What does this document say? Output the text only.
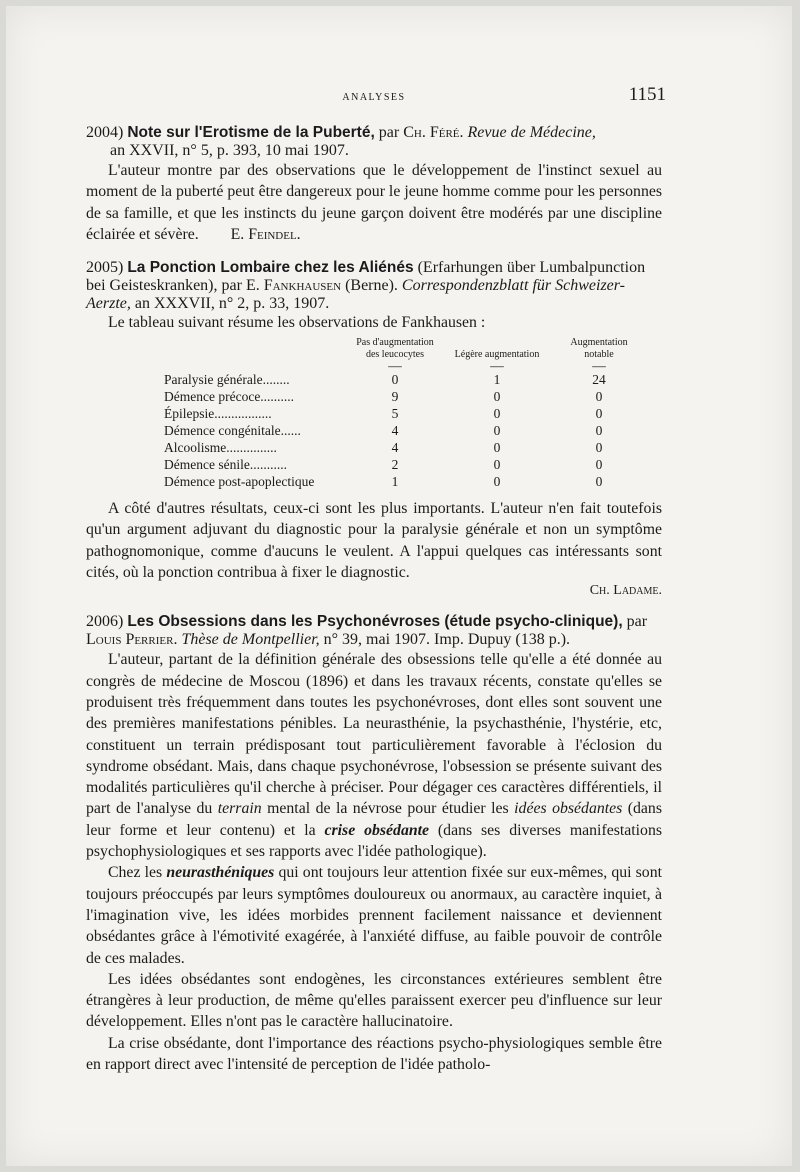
ANALYSES	1151

2004) Note sur l'Erotisme de la Puberté, par Ch. Féré. Revue de Médecine,
an XXVII, n° 5, p. 393, 10 mai 1907.

L'auteur montre par des observations que le développement de l'instinct sexuel au moment de la puberté peut être dangereux pour le jeune homme comme pour les personnes de sa famille, et que les instincts du jeune garçon doivent être modérés par une discipline éclairée et sévère. E. Feindel.

2005) La Ponction Lombaire chez les Aliénés (Erfarhungen über Lumbalpunction bei Geisteskranken), par E. Fankhausen (Berne). Correspondenzblatt für Schweizer-Aerzte, an XXXVII, n° 2, p. 33, 1907.

Le tableau suivant résume les observations de Fankhausen :

	Pas d'augmentation des leucocytes	Légère augmentation	Augmentation notable
	—	—	—
Paralysie générale........	0	1	24
Démence précoce..........	9	0	0
Épilepsie.................	5	0	0
Démence congénitale......	4	0	0
Alcoolisme...............	4	0	0
Démence sénile...........	2	0	0
Démence post-apoplectique	1	0	0

A côté d'autres résultats, ceux-ci sont les plus importants. L'auteur n'en fait toutefois qu'un argument adjuvant du diagnostic pour la paralysie générale et non un symptôme pathognomonique, comme d'aucuns le veulent. A l'appui quelques cas intéressants sont cités, où la ponction contribua à fixer le diagnostic.

Ch. Ladame.

2006) Les Obsessions dans les Psychonévroses (étude psycho-clinique), par Louis Perrier. Thèse de Montpellier, n° 39, mai 1907. Imp. Dupuy (138 p.).

L'auteur, partant de la définition générale des obsessions telle qu'elle a été donnée au congrès de médecine de Moscou (1896) et dans les travaux récents, constate qu'elles se produisent très fréquemment dans toutes les psychonévroses, dont elles sont souvent une des premières manifestations pénibles. La neurasthénie, la psychasthénie, l'hystérie, etc, constituent un terrain prédisposant tout particulièrement favorable à l'éclosion du syndrome obsédant. Mais, dans chaque psychonévrose, l'obsession se présente suivant des modalités particulières qu'il cherche à préciser. Pour dégager ces caractères différentiels, il part de l'analyse du terrain mental de la névrose pour étudier les idées obsédantes (dans leur forme et leur contenu) et la crise obsédante (dans ses diverses manifestations psychophysiologiques et ses rapports avec l'idée pathologique).

Chez les neurasthéniques qui ont toujours leur attention fixée sur eux-mêmes, qui sont toujours préoccupés par leurs symptômes douloureux ou anormaux, au caractère inquiet, à l'imagination vive, les idées morbides prennent facilement naissance et deviennent obsédantes grâce à l'émotivité exagérée, à l'anxiété diffuse, au faible pouvoir de contrôle de ces malades.

Les idées obsédantes sont endogènes, les circonstances extérieures semblent être étrangères à leur production, de même qu'elles paraissent exercer peu d'influence sur leur développement. Elles n'ont pas le caractère hallucinatoire.

La crise obsédante, dont l'importance des réactions psycho-physiologiques semble être en rapport direct avec l'intensité de perception de l'idée patholo-
